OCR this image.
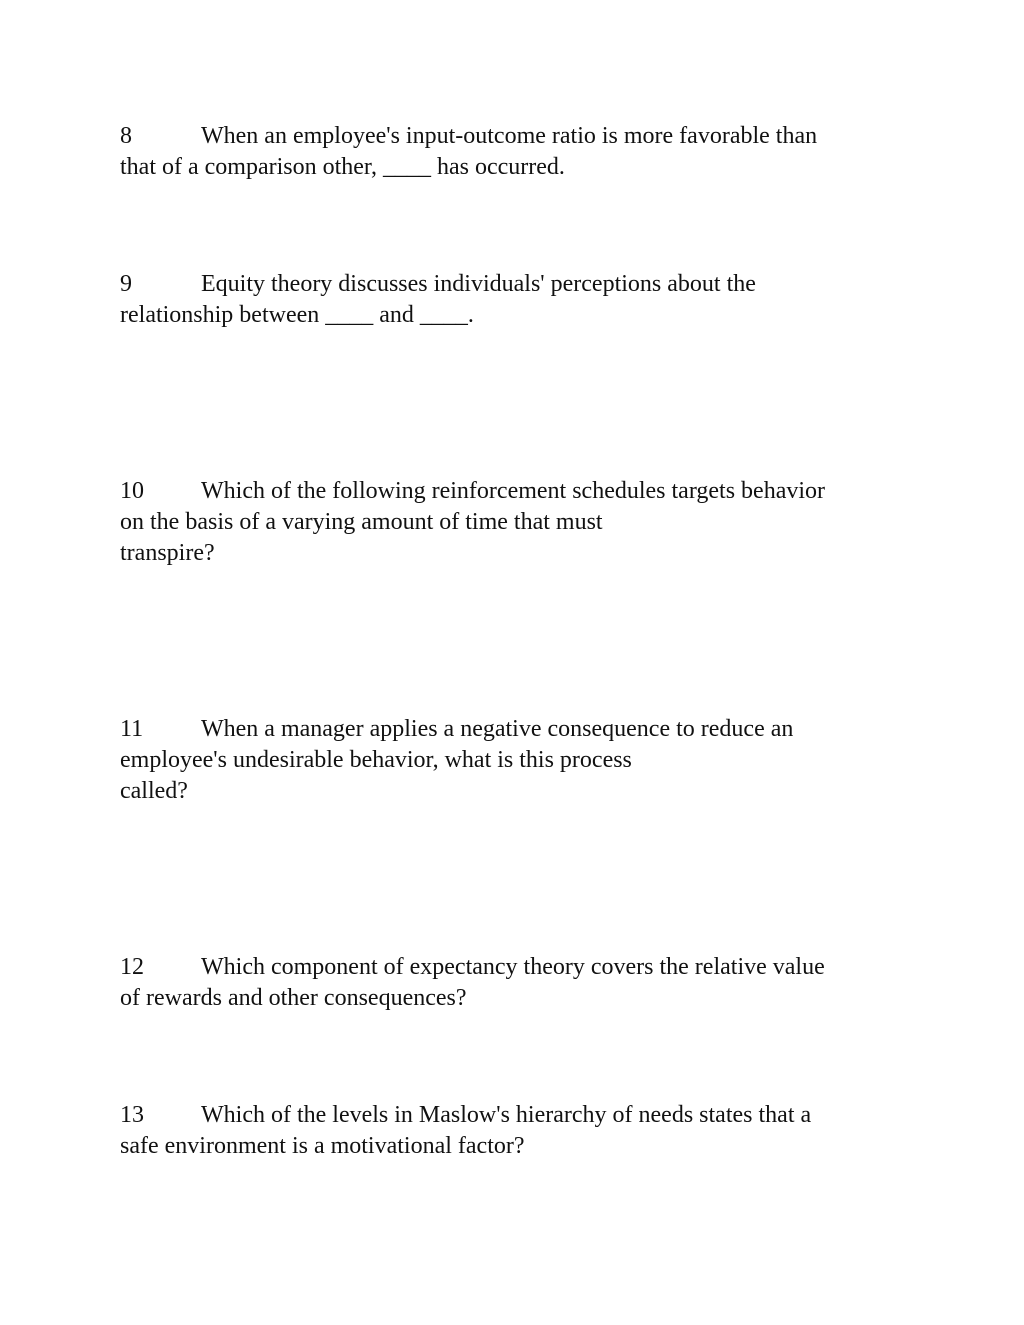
8	When an employee's input-outcome ratio is more favorable than
that of a comparison other, ____ has occurred.
9	Equity theory discusses individuals' perceptions about the
relationship between ____ and ____.
10 Which of the following reinforcement schedules targets behavior
on the basis of a varying amount of time that must
transpire?
11 When a manager applies a negative consequence to reduce an
employee's undesirable behavior, what is this process
called?
12 Which component of expectancy theory covers the relative value
of rewards and other consequences?
13 Which of the levels in Maslow's hierarchy of needs states that a
safe environment is a motivational factor?
